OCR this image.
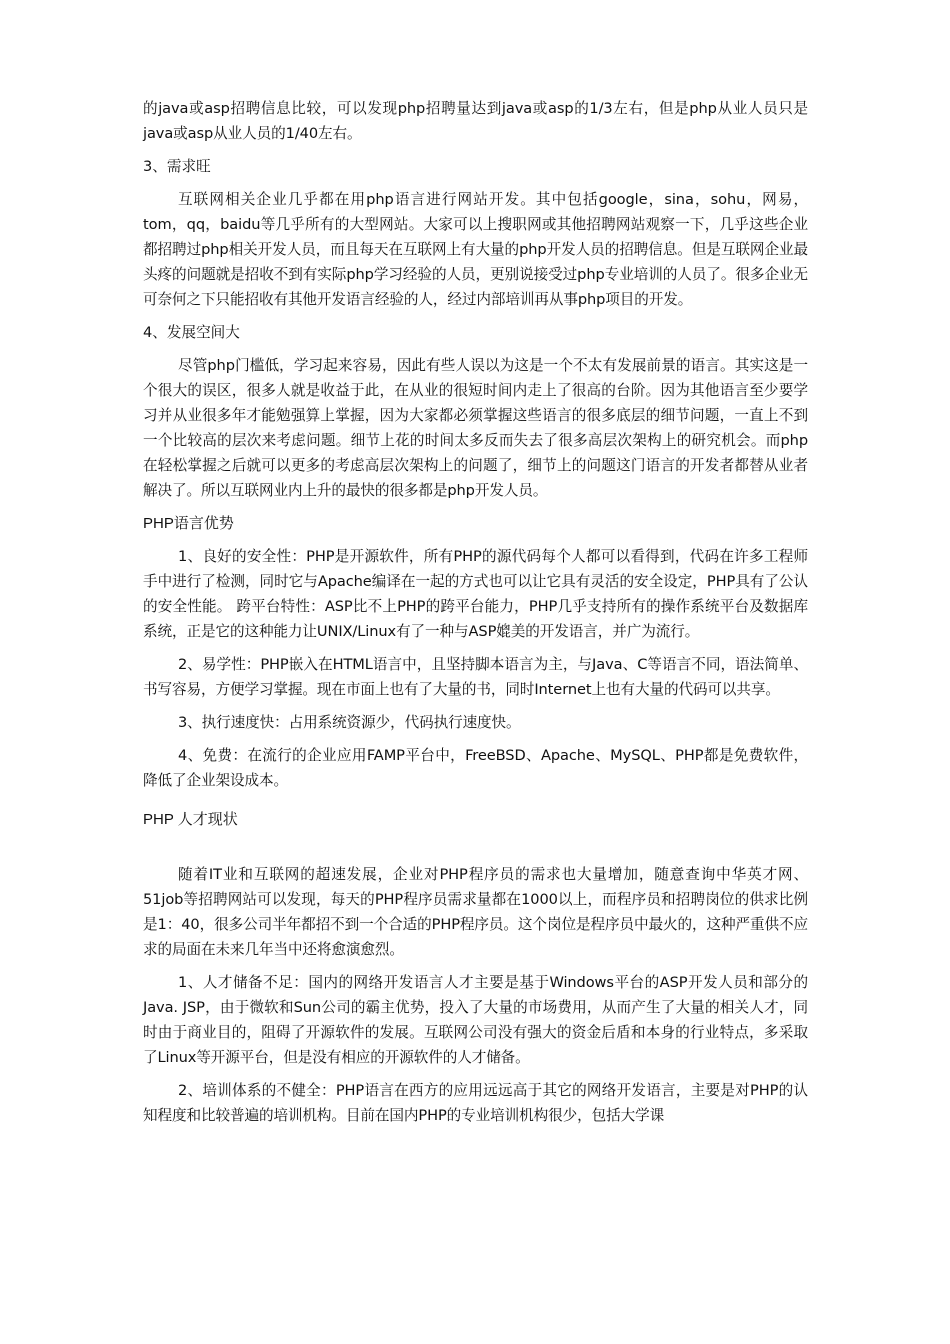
的java或asp招聘信息比较，可以发现php招聘量达到java或asp的1/3左右，但是php从业人员只是java或asp从业人员的1/40左右。

3、需求旺

互联网相关企业几乎都在用php语言进行网站开发。其中包括google，sina，sohu，网易，tom，qq，baidu等几乎所有的大型网站。大家可以上搜职网或其他招聘网站观察一下，几乎这些企业都招聘过php相关开发人员，而且每天在互联网上有大量的php开发人员的招聘信息。但是互联网企业最头疼的问题就是招收不到有实际php学习经验的人员，更别说接受过php专业培训的人员了。很多企业无可奈何之下只能招收有其他开发语言经验的人，经过内部培训再从事php项目的开发。

4、发展空间大

尽管php门槛低，学习起来容易，因此有些人误以为这是一个不太有发展前景的语言。其实这是一个很大的误区，很多人就是收益于此，在从业的很短时间内走上了很高的台阶。因为其他语言至少要学习并从业很多年才能勉强算上掌握，因为大家都必须掌握这些语言的很多底层的细节问题，一直上不到一个比较高的层次来考虑问题。细节上花的时间太多反而失去了很多高层次架构上的研究机会。而php在轻松掌握之后就可以更多的考虑高层次架构上的问题了，细节上的问题这门语言的开发者都替从业者解决了。所以互联网业内上升的最快的很多都是php开发人员。

PHP语言优势

1、良好的安全性：PHP是开源软件，所有PHP的源代码每个人都可以看得到，代码在许多工程师手中进行了检测，同时它与Apache编译在一起的方式也可以让它具有灵活的安全设定，PHP具有了公认的安全性能。 跨平台特性：ASP比不上PHP的跨平台能力，PHP几乎支持所有的操作系统平台及数据库系统，正是它的这种能力让UNIX/Linux有了一种与ASP媲美的开发语言，并广为流行。

2、易学性：PHP嵌入在HTML语言中，且坚持脚本语言为主，与Java、C等语言不同，语法简单、书写容易，方便学习掌握。现在市面上也有了大量的书，同时Internet上也有大量的代码可以共享。

3、执行速度快：占用系统资源少，代码执行速度快。

4、免费：在流行的企业应用FAMP平台中，FreeBSD、Apache、MySQL、PHP都是免费软件，降低了企业架设成本。

PHP 人才现状

随着IT业和互联网的超速发展，企业对PHP程序员的需求也大量增加，随意查询中华英才网、51job等招聘网站可以发现，每天的PHP程序员需求量都在1000以上，而程序员和招聘岗位的供求比例是1：40，很多公司半年都招不到一个合适的PHP程序员。这个岗位是程序员中最火的，这种严重供不应求的局面在未来几年当中还将愈演愈烈。

1、人才储备不足：国内的网络开发语言人才主要是基于Windows平台的ASP开发人员和部分的Java. JSP，由于微软和Sun公司的霸主优势，投入了大量的市场费用，从而产生了大量的相关人才，同时由于商业目的，阻碍了开源软件的发展。互联网公司没有强大的资金后盾和本身的行业特点，多采取了Linux等开源平台，但是没有相应的开源软件的人才储备。

2、培训体系的不健全：PHP语言在西方的应用远远高于其它的网络开发语言，主要是对PHP的认知程度和比较普遍的培训机构。目前在国内PHP的专业培训机构很少，包括大学课
